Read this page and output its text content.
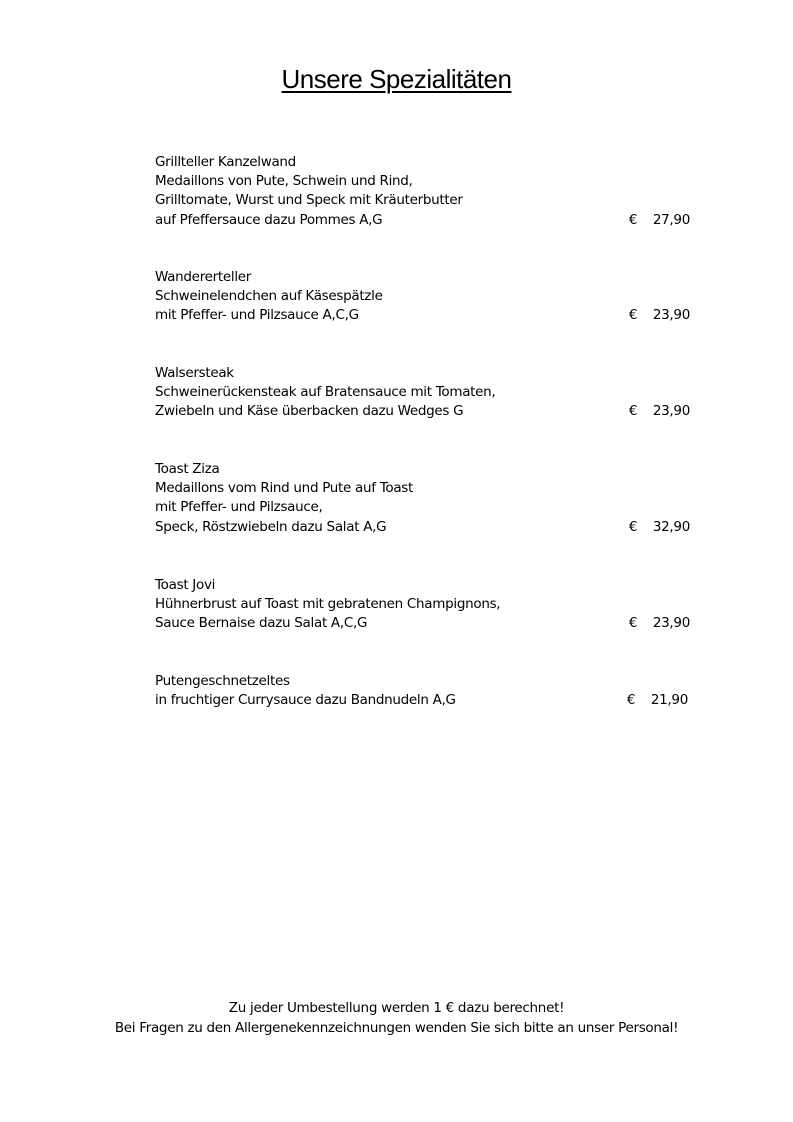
Unsere Spezialitäten
Grillteller Kanzelwand
Medaillons von Pute, Schwein und Rind,
Grilltomate, Wurst und Speck mit Kräuterbutter
auf Pfeffersauce dazu Pommes A,G	€ 27,90
Wandererteller
Schweinelendchen auf Käsespätzle
mit Pfeffer- und Pilzsauce A,C,G	€ 23,90
Walsersteak
Schweinerückensteak auf Bratensauce mit Tomaten,
Zwiebeln und Käse überbacken dazu Wedges G	€ 23,90
Toast Ziza
Medaillons vom Rind und Pute auf Toast
mit Pfeffer- und Pilzsauce,
Speck, Röstzwiebeln dazu Salat A,G	€ 32,90
Toast Jovi
Hühnerbrust auf Toast mit gebratenen Champignons,
Sauce Bernaise dazu Salat A,C,G	€ 23,90
Putengeschnetzeltes
in fruchtiger Currysauce dazu Bandnudeln A,G	€ 21,90
Zu jeder Umbestellung werden 1 € dazu berechnet!
Bei Fragen zu den Allergenekennzeichnungen wenden Sie sich bitte an unser Personal!
